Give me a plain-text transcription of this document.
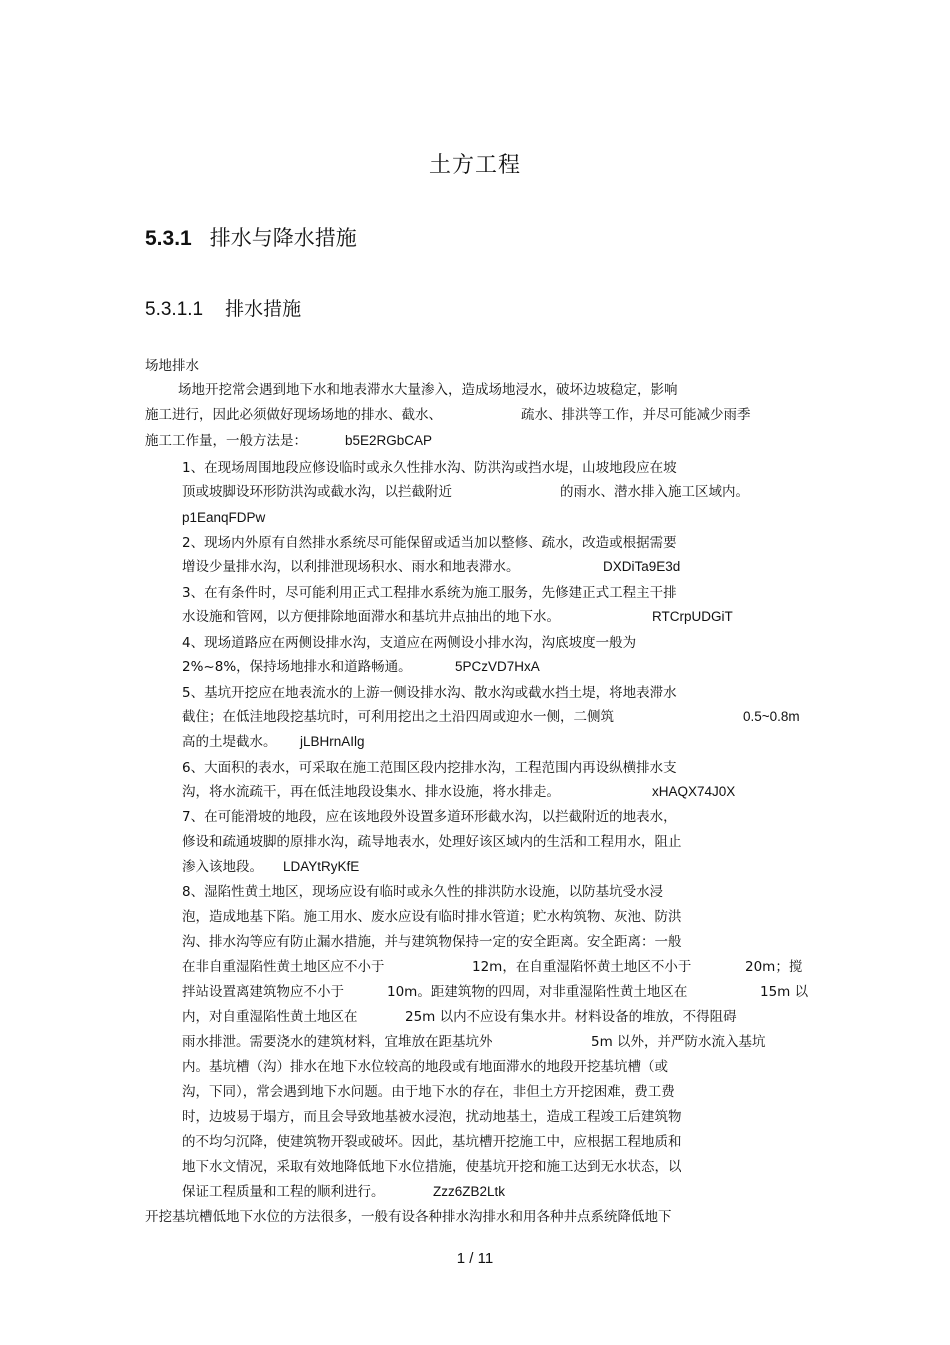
土方工程
5.3.1 排水与降水措施
5.3.1.1 排水措施
场地排水
场地开挖常会遇到地下水和地表滞水大量渗入，造成场地浸水，破坏边坡稳定，影响
施工进行，因此必须做好现场场地的排水、截水、	疏水、排洪等工作，并尽可能减少雨季
施工工作量，一般方法是：	b5E2RGbCAP
1、在现场周围地段应修设临时或永久性排水沟、防洪沟或挡水堤，山坡地段应在坡
顶或坡脚设环形防洪沟或截水沟，以拦截附近	的雨水、潜水排入施工区域内。
p1EanqFDPw
2、现场内外原有自然排水系统尽可能保留或适当加以整修、疏水，改造或根据需要
增设少量排水沟，以利排泄现场积水、雨水和地表滞水。	DXDiTa9E3d
3、在有条件时，尽可能利用正式工程排水系统为施工服务，先修建正式工程主干排
水设施和管网，以方便排除地面滞水和基坑井点抽出的地下水。	RTCrpUDGiT
4、现场道路应在两侧设排水沟，支道应在两侧设小排水沟，沟底坡度一般为
2%~8%，保持场地排水和道路畅通。	5PCzVD7HxA
5、基坑开挖应在地表流水的上游一侧设排水沟、散水沟或截水挡土堤，将地表滞水
截住；在低洼地段挖基坑时，可利用挖出之土沿四周或迎水一侧，二侧筑	0.5~0.8m
高的土堤截水。 jLBHrnAIlg
6、大面积的表水，可采取在施工范围区段内挖排水沟，工程范围内再设纵横排水支
沟，将水流疏干，再在低洼地段设集水、排水设施，将水排走。	xHAQX74J0X
7、在可能滑坡的地段，应在该地段外设置多道环形截水沟，以拦截附近的地表水，
修设和疏通坡脚的原排水沟，疏导地表水，处理好该区域内的生活和工程用水，阻止
渗入该地段。 LDAYtRyKfE
8、湿陷性黄土地区，现场应设有临时或永久性的排洪防水设施，以防基坑受水浸
泡，造成地基下陷。施工用水、废水应设有临时排水管道；贮水构筑物、灰池、防洪
沟、排水沟等应有防止漏水措施，并与建筑物保持一定的安全距离。安全距离：一般
在非自重湿陷性黄土地区应不小于	12m，在自重湿陷怀黄土地区不小于	20m；搅
拌站设置离建筑物应不小于	10m。距建筑物的四周，对非重湿陷性黄土地区在	15m 以
内，对自重湿陷性黄土地区在	25m 以内不应设有集水井。材料设备的堆放，不得阻碍
雨水排泄。需要浇水的建筑材料，宜堆放在距基坑外	5m 以外，并严防水流入基坑
内。基坑槽（沟）排水在地下水位较高的地段或有地面滞水的地段开挖基坑槽（或
沟，下同），常会遇到地下水问题。由于地下水的存在，非但土方开挖困难，费工费
时，边坡易于塌方，而且会导致地基被水浸泡，扰动地基土，造成工程竣工后建筑物
的不均匀沉降，使建筑物开裂或破坏。因此，基坑槽开挖施工中，应根据工程地质和
地下水文情况，采取有效地降低地下水位措施，使基坑开挖和施工达到无水状态，以
保证工程质量和工程的顺利进行。	Zzz6ZB2Ltk
开挖基坑槽低地下水位的方法很多，一般有设各种排水沟排水和用各种井点系统降低地下
1 / 11
